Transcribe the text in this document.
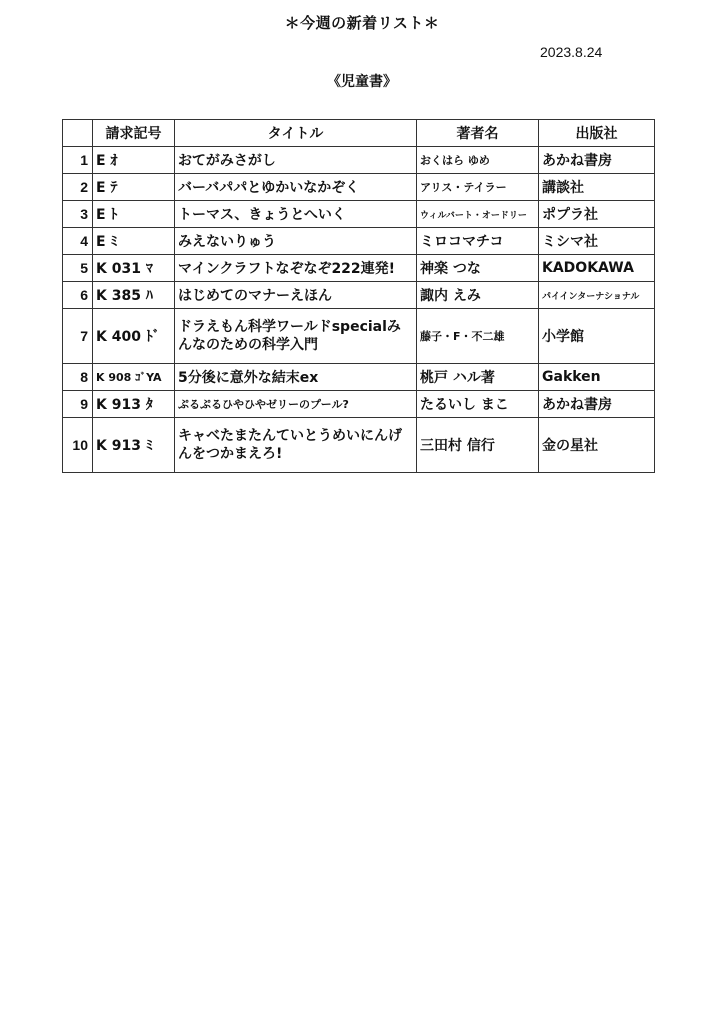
＊今週の新着リスト＊
2023.8.24
《児童書》
	請求記号	タイトル	著者名	出版社
1	E ｵ	おてがみさがし	おくはら ゆめ	あかね書房
2	E ﾃ	バーバパパとゆかいなかぞく	アリス・テイラー	講談社
3	E ﾄ	トーマス、きょうとへいく	ウィルバート・オードリー	ポプラ社
4	E ﾐ	みえないりゅう	ミロコマチコ	ミシマ社
5	K 031 ﾏ	マインクラフトなぞなぞ222連発!	神楽 つな	KADOKAWA
6	K 385 ﾊ	はじめてのマナーえほん	諏内 えみ	パイインターナショナル
7	K 400 ﾄﾞ	ドラえもん科学ワールドspecialみんなのための科学入門	藤子・F・不二雄	小学館
8	K 908 ｺﾞYA	5分後に意外な結末ex	桃戸 ハル著	Gakken
9	K 913 ﾀ	ぷるぷるひやひやゼリーのプール?	たるいし まこ	あかね書房
10	K 913 ﾐ	キャベたまたんていとうめいにんげんをつかまえろ!	三田村 信行	金の星社
